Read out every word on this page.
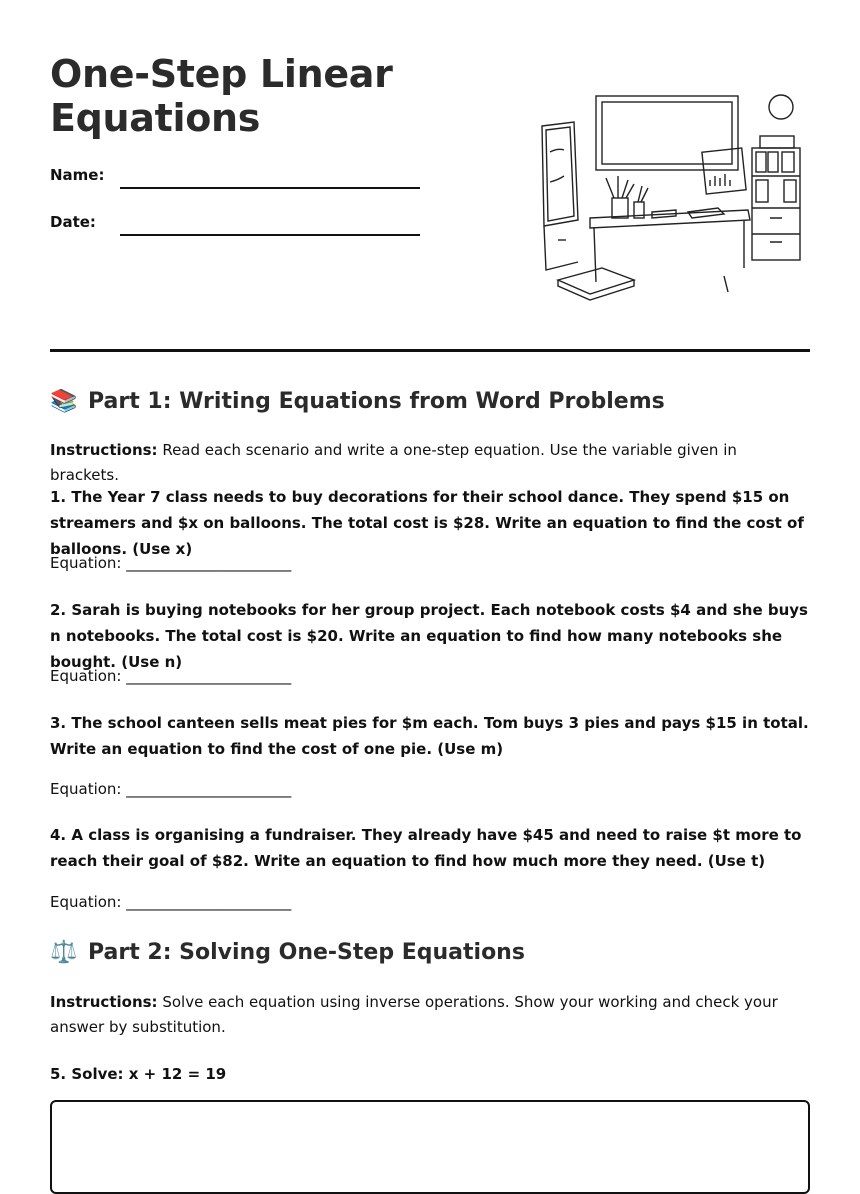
One-Step Linear Equations
Name:
Date:
📚 Part 1: Writing Equations from Word Problems
Instructions: Read each scenario and write a one-step equation. Use the variable given in brackets.
1. The Year 7 class needs to buy decorations for their school dance. They spend $15 on streamers and $x on balloons. The total cost is $28. Write an equation to find the cost of balloons. (Use x)
Equation: ______________________
2. Sarah is buying notebooks for her group project. Each notebook costs $4 and she buys n notebooks. The total cost is $20. Write an equation to find how many notebooks she bought. (Use n)
Equation: ______________________
3. The school canteen sells meat pies for $m each. Tom buys 3 pies and pays $15 in total. Write an equation to find the cost of one pie. (Use m)
Equation: ______________________
4. A class is organising a fundraiser. They already have $45 and need to raise $t more to reach their goal of $82. Write an equation to find how much more they need. (Use t)
Equation: ______________________
⚖️ Part 2: Solving One-Step Equations
Instructions: Solve each equation using inverse operations. Show your working and check your answer by substitution.
5. Solve: x + 12 = 19
